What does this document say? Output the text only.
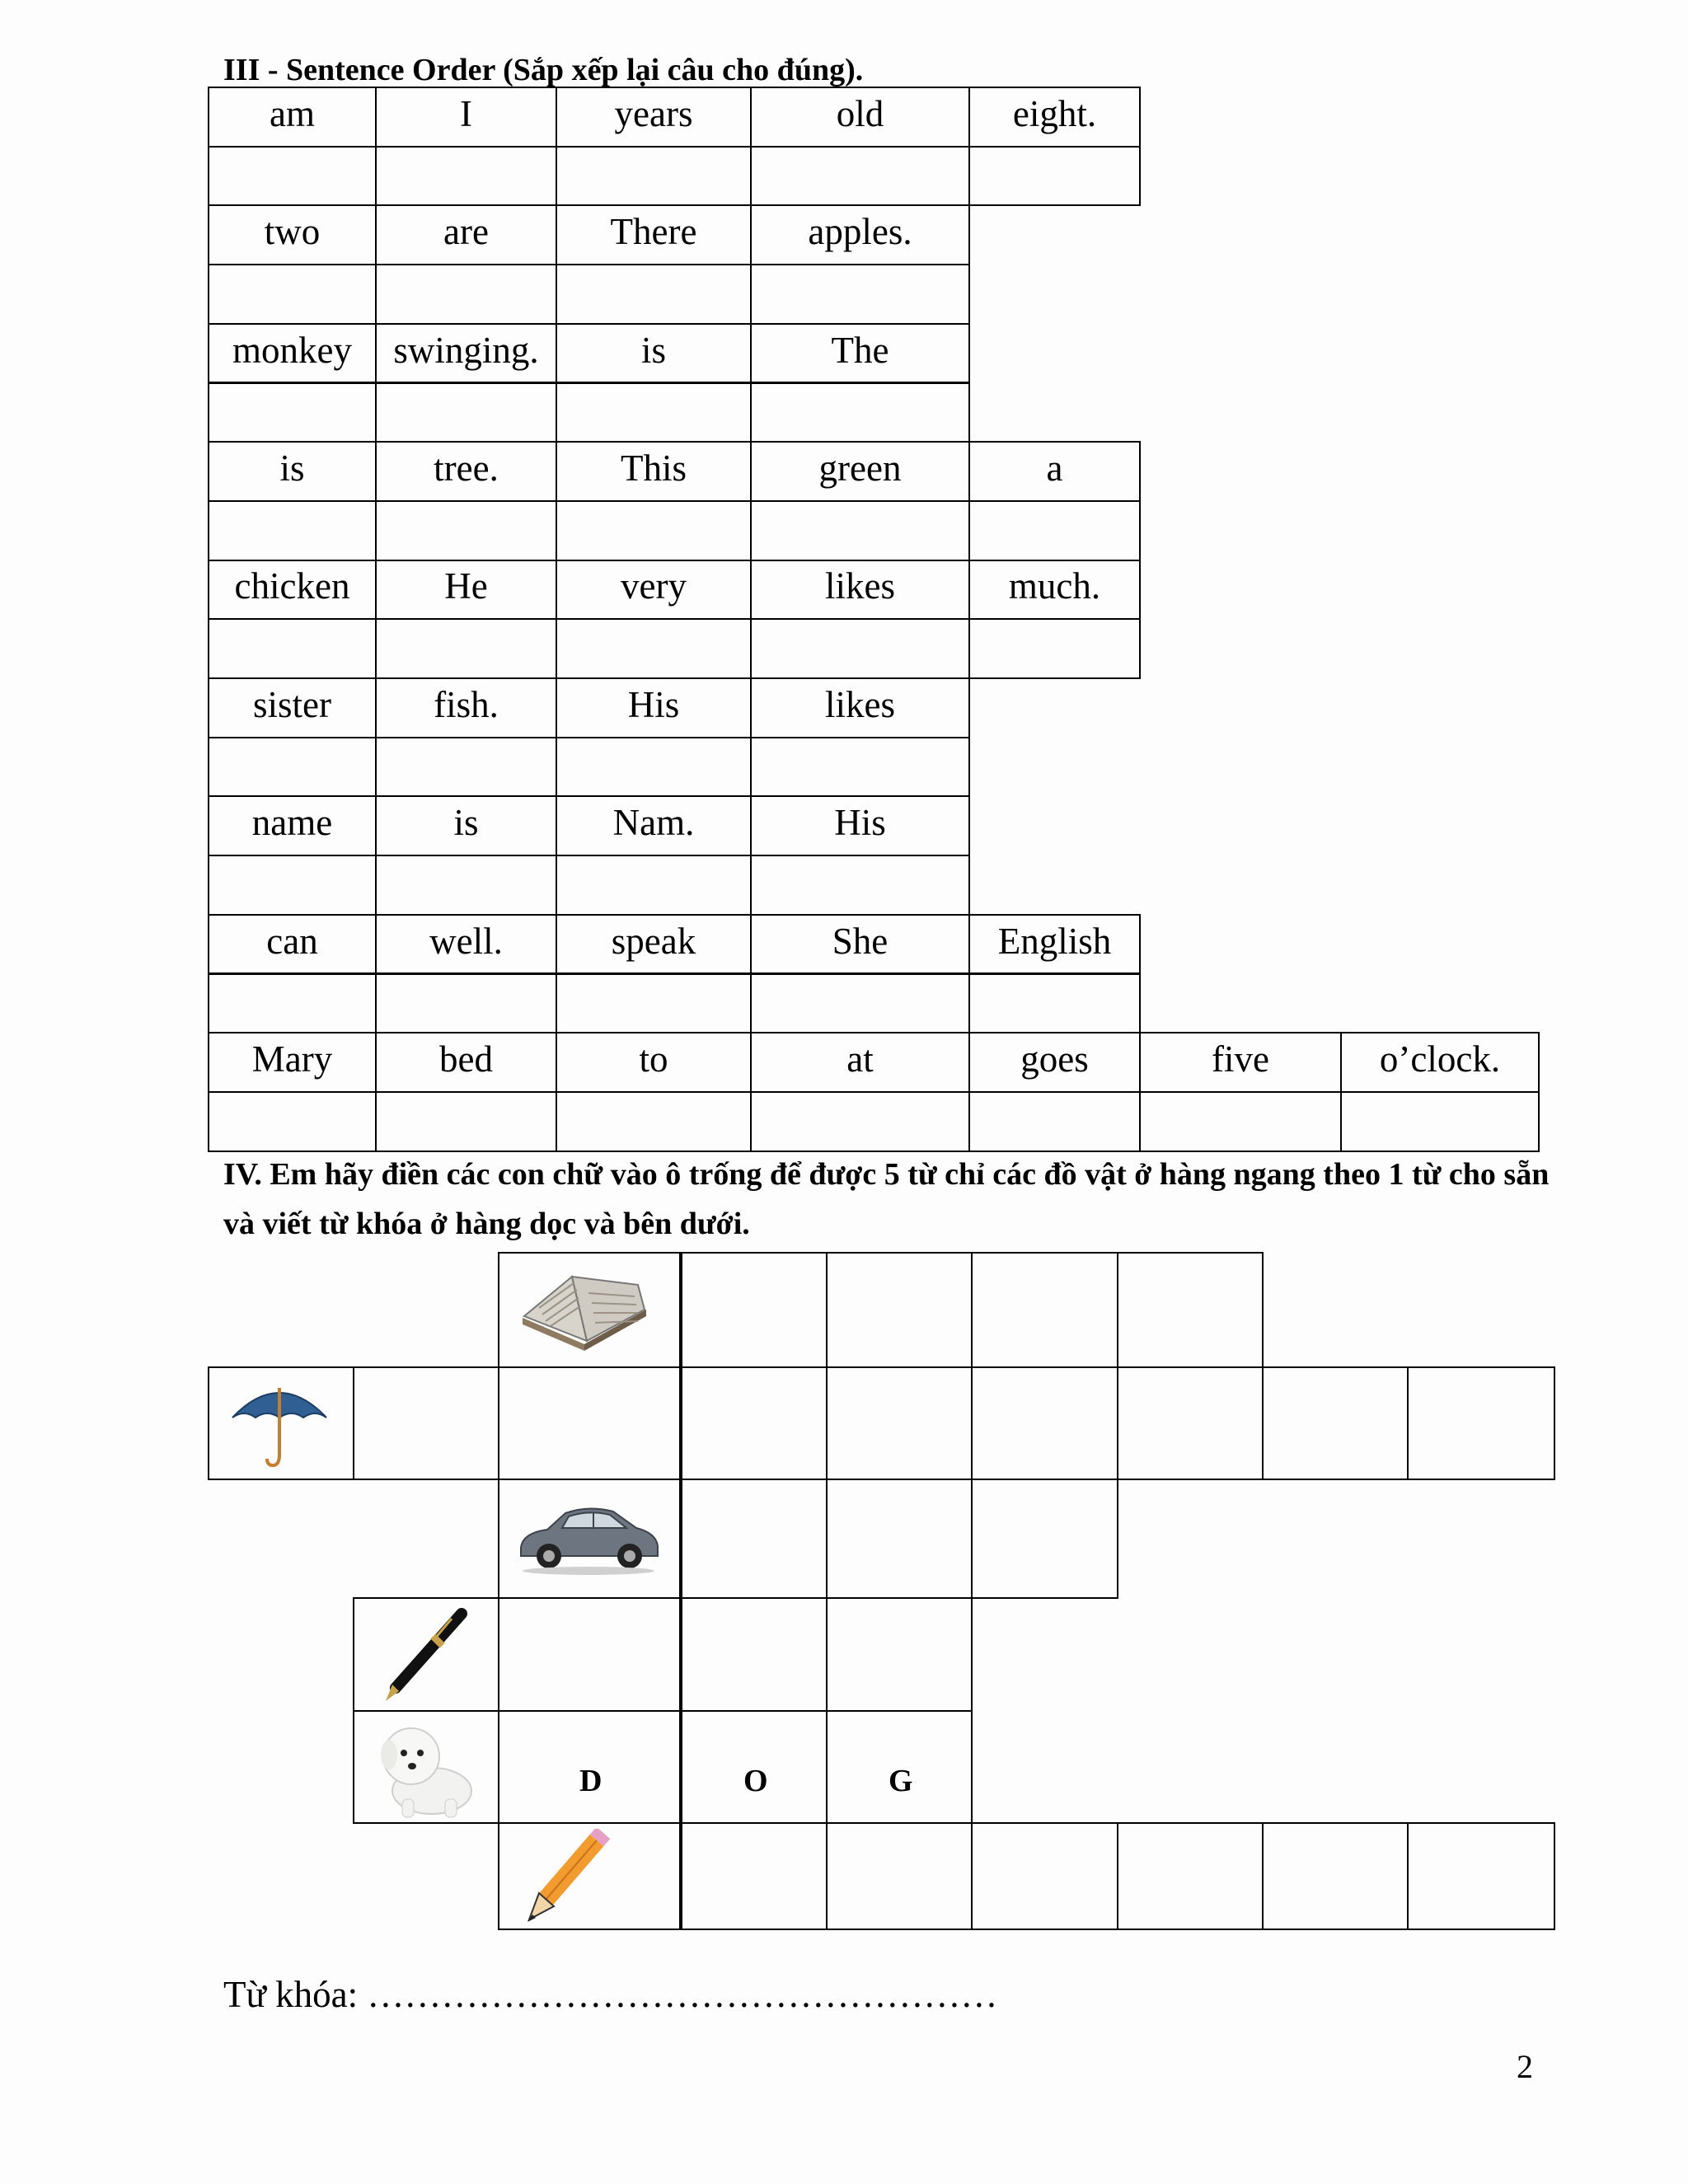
III - Sentence Order (Sắp xếp lại câu cho đúng).
am	I	years	old	eight.
two	are	There	apples.
monkey	swinging.	is	The
is	tree.	This	green	a
chicken	He	very	likes	much.
sister	fish.	His	likes
name	is	Nam.	His
can	well.	speak	She	English
Mary	bed	to	at	goes	five	o’clock.
IV. Em hãy điền các con chữ vào ô trống để được 5 từ chỉ các đồ vật ở hàng ngang theo 1 từ cho sẵn và viết từ khóa ở hàng dọc và bên dưới.
D	O	G
Từ khóa: ……………………………………………
2
